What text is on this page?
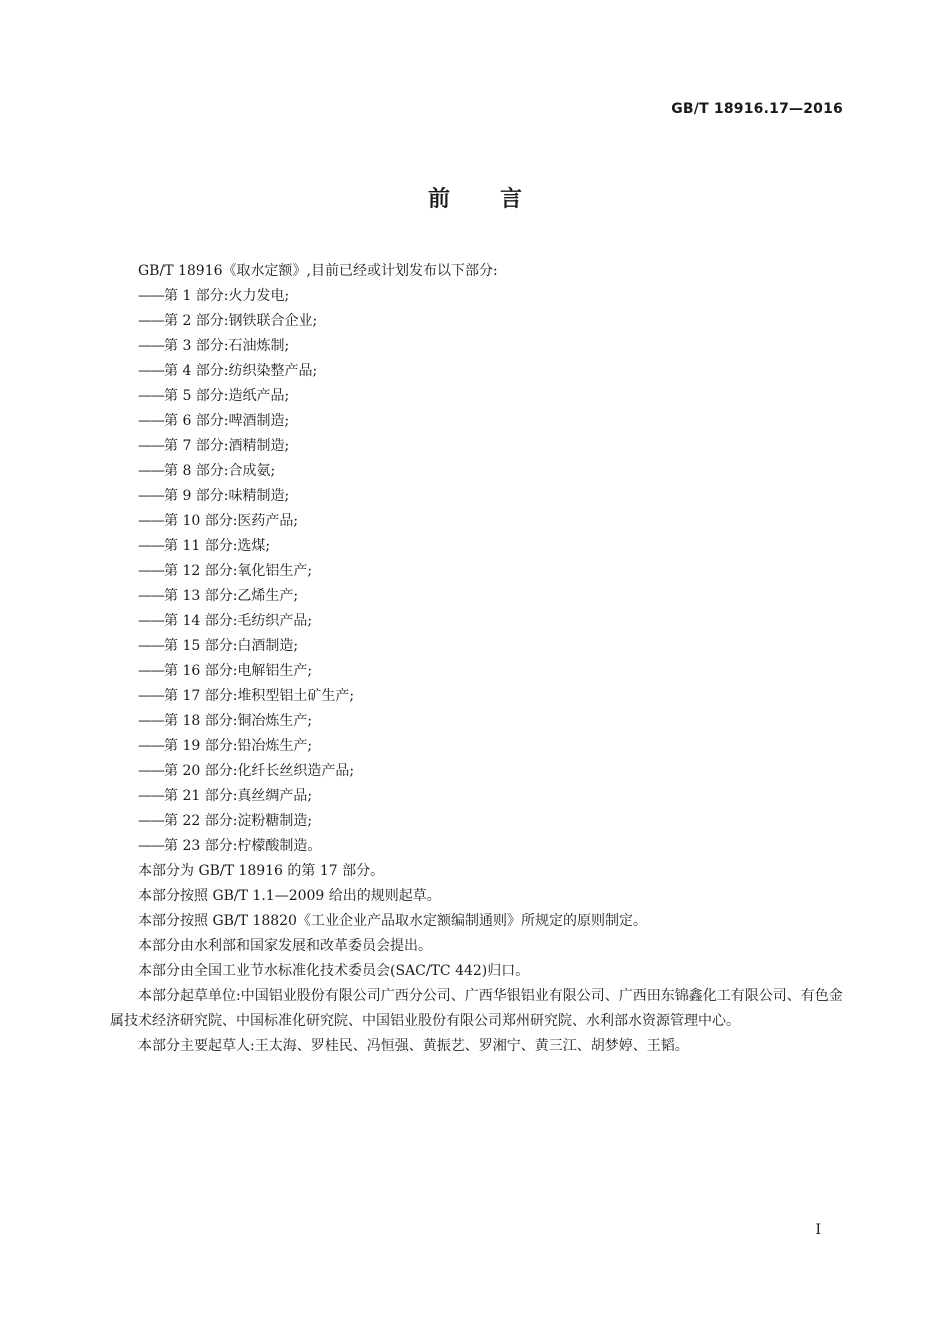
GB/T 18916.17—2016
前言

GB/T 18916《取水定额》,目前已经或计划发布以下部分:

——第 1 部分:火力发电;

——第 2 部分:钢铁联合企业;

——第 3 部分:石油炼制;

——第 4 部分:纺织染整产品;

——第 5 部分:造纸产品;

——第 6 部分:啤酒制造;

——第 7 部分:酒精制造;

——第 8 部分:合成氨;

——第 9 部分:味精制造;

——第 10 部分:医药产品;

——第 11 部分:选煤;

——第 12 部分:氧化铝生产;

——第 13 部分:乙烯生产;

——第 14 部分:毛纺织产品;

——第 15 部分:白酒制造;

——第 16 部分:电解铝生产;

——第 17 部分:堆积型铝土矿生产;

——第 18 部分:铜冶炼生产;

——第 19 部分:铅冶炼生产;

——第 20 部分:化纤长丝织造产品;

——第 21 部分:真丝绸产品;

——第 22 部分:淀粉糖制造;

——第 23 部分:柠檬酸制造。

本部分为 GB/T 18916 的第 17 部分。

本部分按照 GB/T 1.1—2009 给出的规则起草。

本部分按照 GB/T 18820《工业企业产品取水定额编制通则》所规定的原则制定。

本部分由水利部和国家发展和改革委员会提出。

本部分由全国工业节水标准化技术委员会(SAC/TC 442)归口。

本部分起草单位:中国铝业股份有限公司广西分公司、广西华银铝业有限公司、广西田东锦鑫化工有限公司、有色金属技术经济研究院、中国标准化研究院、中国铝业股份有限公司郑州研究院、水利部水资源管理中心。

本部分主要起草人:王太海、罗桂民、冯恒强、黄振艺、罗湘宁、黄三江、胡梦婷、王韬。

I
